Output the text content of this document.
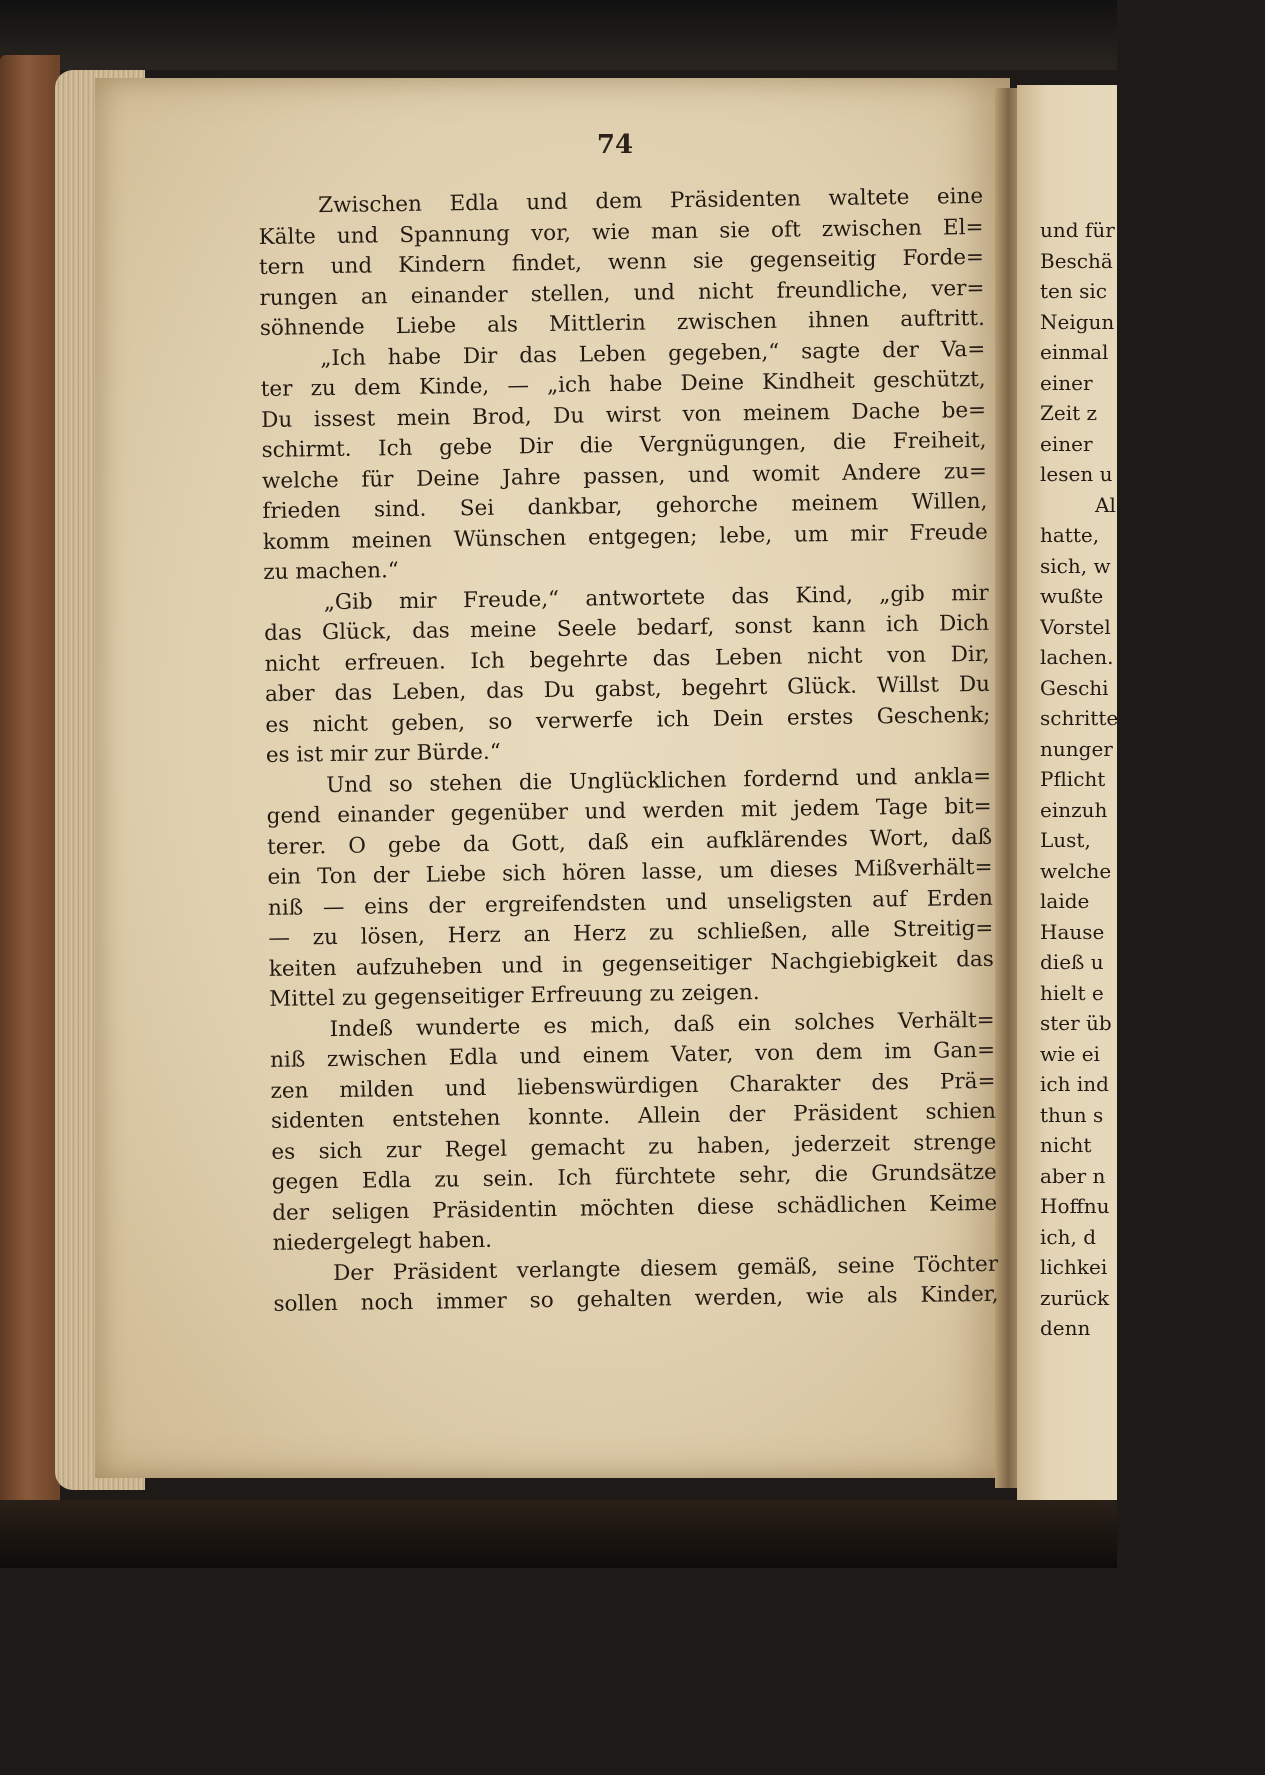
74
Zwischen Edla und dem Präsidenten waltete eine
Kälte und Spannung vor, wie man sie oft zwischen El=
tern und Kindern findet, wenn sie gegenseitig Forde=
rungen an einander stellen, und nicht freundliche, ver=
söhnende Liebe als Mittlerin zwischen ihnen auftritt.
„Ich habe Dir das Leben gegeben,“ sagte der Va=
ter zu dem Kinde, — „ich habe Deine Kindheit geschützt,
Du issest mein Brod, Du wirst von meinem Dache be=
schirmt. Ich gebe Dir die Vergnügungen, die Freiheit,
welche für Deine Jahre passen, und womit Andere zu=
frieden sind. Sei dankbar, gehorche meinem Willen,
komm meinen Wünschen entgegen; lebe, um mir Freude
zu machen.“
„Gib mir Freude,“ antwortete das Kind, „gib mir
das Glück, das meine Seele bedarf, sonst kann ich Dich
nicht erfreuen. Ich begehrte das Leben nicht von Dir,
aber das Leben, das Du gabst, begehrt Glück. Willst Du
es nicht geben, so verwerfe ich Dein erstes Geschenk;
es ist mir zur Bürde.“
Und so stehen die Unglücklichen fordernd und ankla=
gend einander gegenüber und werden mit jedem Tage bit=
terer. O gebe da Gott, daß ein aufklärendes Wort, daß
ein Ton der Liebe sich hören lasse, um dieses Mißverhält=
niß — eins der ergreifendsten und unseligsten auf Erden
— zu lösen, Herz an Herz zu schließen, alle Streitig=
keiten aufzuheben und in gegenseitiger Nachgiebigkeit das
Mittel zu gegenseitiger Erfreuung zu zeigen.
Indeß wunderte es mich, daß ein solches Verhält=
niß zwischen Edla und einem Vater, von dem im Gan=
zen milden und liebenswürdigen Charakter des Prä=
sidenten entstehen konnte. Allein der Präsident schien
es sich zur Regel gemacht zu haben, jederzeit strenge
gegen Edla zu sein. Ich fürchtete sehr, die Grundsätze
der seligen Präsidentin möchten diese schädlichen Keime
niedergelegt haben.
Der Präsident verlangte diesem gemäß, seine Töchter
sollen noch immer so gehalten werden, wie als Kinder,
und für
Beschä
ten sic
Neigun
einmal
einer
Zeit z
einer
lesen u
Al
hatte,
sich, w
wußte
Vorstel
lachen.
Geschi
schritte
nunger
Pflicht
einzuh
Lust,
welche
laide
Hause
dieß u
hielt e
ster üb
wie ei
ich ind
thun s
nicht
aber n
Hoffnu
ich, d
lichkei
zurück
denn
